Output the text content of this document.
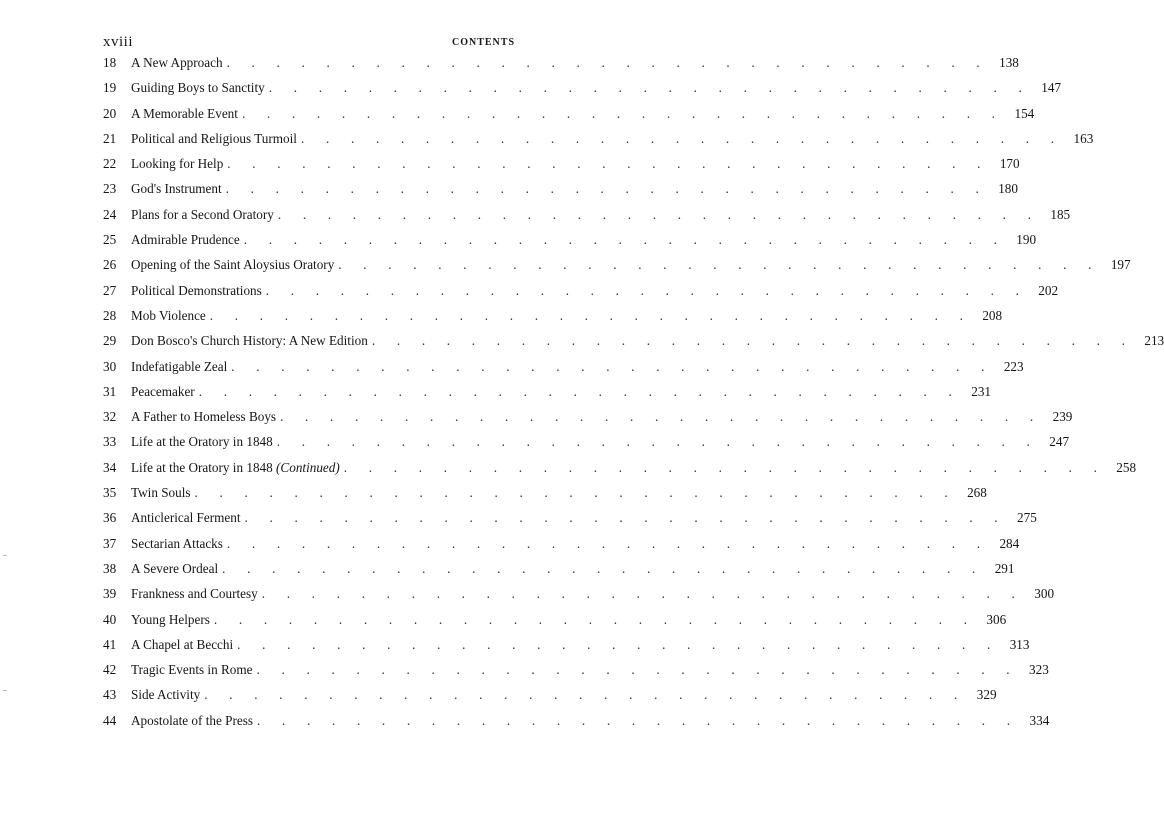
xviii	CONTENTS
18	A New Approach . . . . . . . . . . . . . . . . . . . . . . . . . . . . . . . 138
19	Guiding Boys to Sanctity . . . . . . . . . . . . . . . . . . . . . . . . . . . . . . . 147
20	A Memorable Event . . . . . . . . . . . . . . . . . . . . . . . . . . . . . . . 154
21	Political and Religious Turmoil . . . . . . . . . . . . . . . . . . . . . . . . . . . . . . . 163
22	Looking for Help . . . . . . . . . . . . . . . . . . . . . . . . . . . . . . . 170
23	God's Instrument . . . . . . . . . . . . . . . . . . . . . . . . . . . . . . . 180
24	Plans for a Second Oratory . . . . . . . . . . . . . . . . . . . . . . . . . . . . . . . 185
25	Admirable Prudence . . . . . . . . . . . . . . . . . . . . . . . . . . . . . . . 190
26	Opening of the Saint Aloysius Oratory . . . . . . . . . . . . . . . . . . . . . . . . . . . . . . . 197
27	Political Demonstrations . . . . . . . . . . . . . . . . . . . . . . . . . . . . . . . 202
28	Mob Violence . . . . . . . . . . . . . . . . . . . . . . . . . . . . . . . 208
29	Don Bosco's Church History: A New Edition . . . . . . . . . . . . . . . . . . . . . . . . . . . . . . . 213
30	Indefatigable Zeal . . . . . . . . . . . . . . . . . . . . . . . . . . . . . . . 223
31	Peacemaker . . . . . . . . . . . . . . . . . . . . . . . . . . . . . . . 231
32	A Father to Homeless Boys . . . . . . . . . . . . . . . . . . . . . . . . . . . . . . . 239
33	Life at the Oratory in 1848 . . . . . . . . . . . . . . . . . . . . . . . . . . . . . . . 247
34	Life at the Oratory in 1848 (Continued) . . . . . . . . . . . . . . . . . . . . . . . . . . . . . . . 258
35	Twin Souls . . . . . . . . . . . . . . . . . . . . . . . . . . . . . . . 268
36	Anticlerical Ferment . . . . . . . . . . . . . . . . . . . . . . . . . . . . . . . 275
37	Sectarian Attacks . . . . . . . . . . . . . . . . . . . . . . . . . . . . . . . 284
38	A Severe Ordeal . . . . . . . . . . . . . . . . . . . . . . . . . . . . . . . 291
39	Frankness and Courtesy . . . . . . . . . . . . . . . . . . . . . . . . . . . . . . . 300
40	Young Helpers . . . . . . . . . . . . . . . . . . . . . . . . . . . . . . . 306
41	A Chapel at Becchi . . . . . . . . . . . . . . . . . . . . . . . . . . . . . . . 313
42	Tragic Events in Rome . . . . . . . . . . . . . . . . . . . . . . . . . . . . . . . 323
43	Side Activity . . . . . . . . . . . . . . . . . . . . . . . . . . . . . . . 329
44	Apostolate of the Press . . . . . . . . . . . . . . . . . . . . . . . . . . . . . . . 334
